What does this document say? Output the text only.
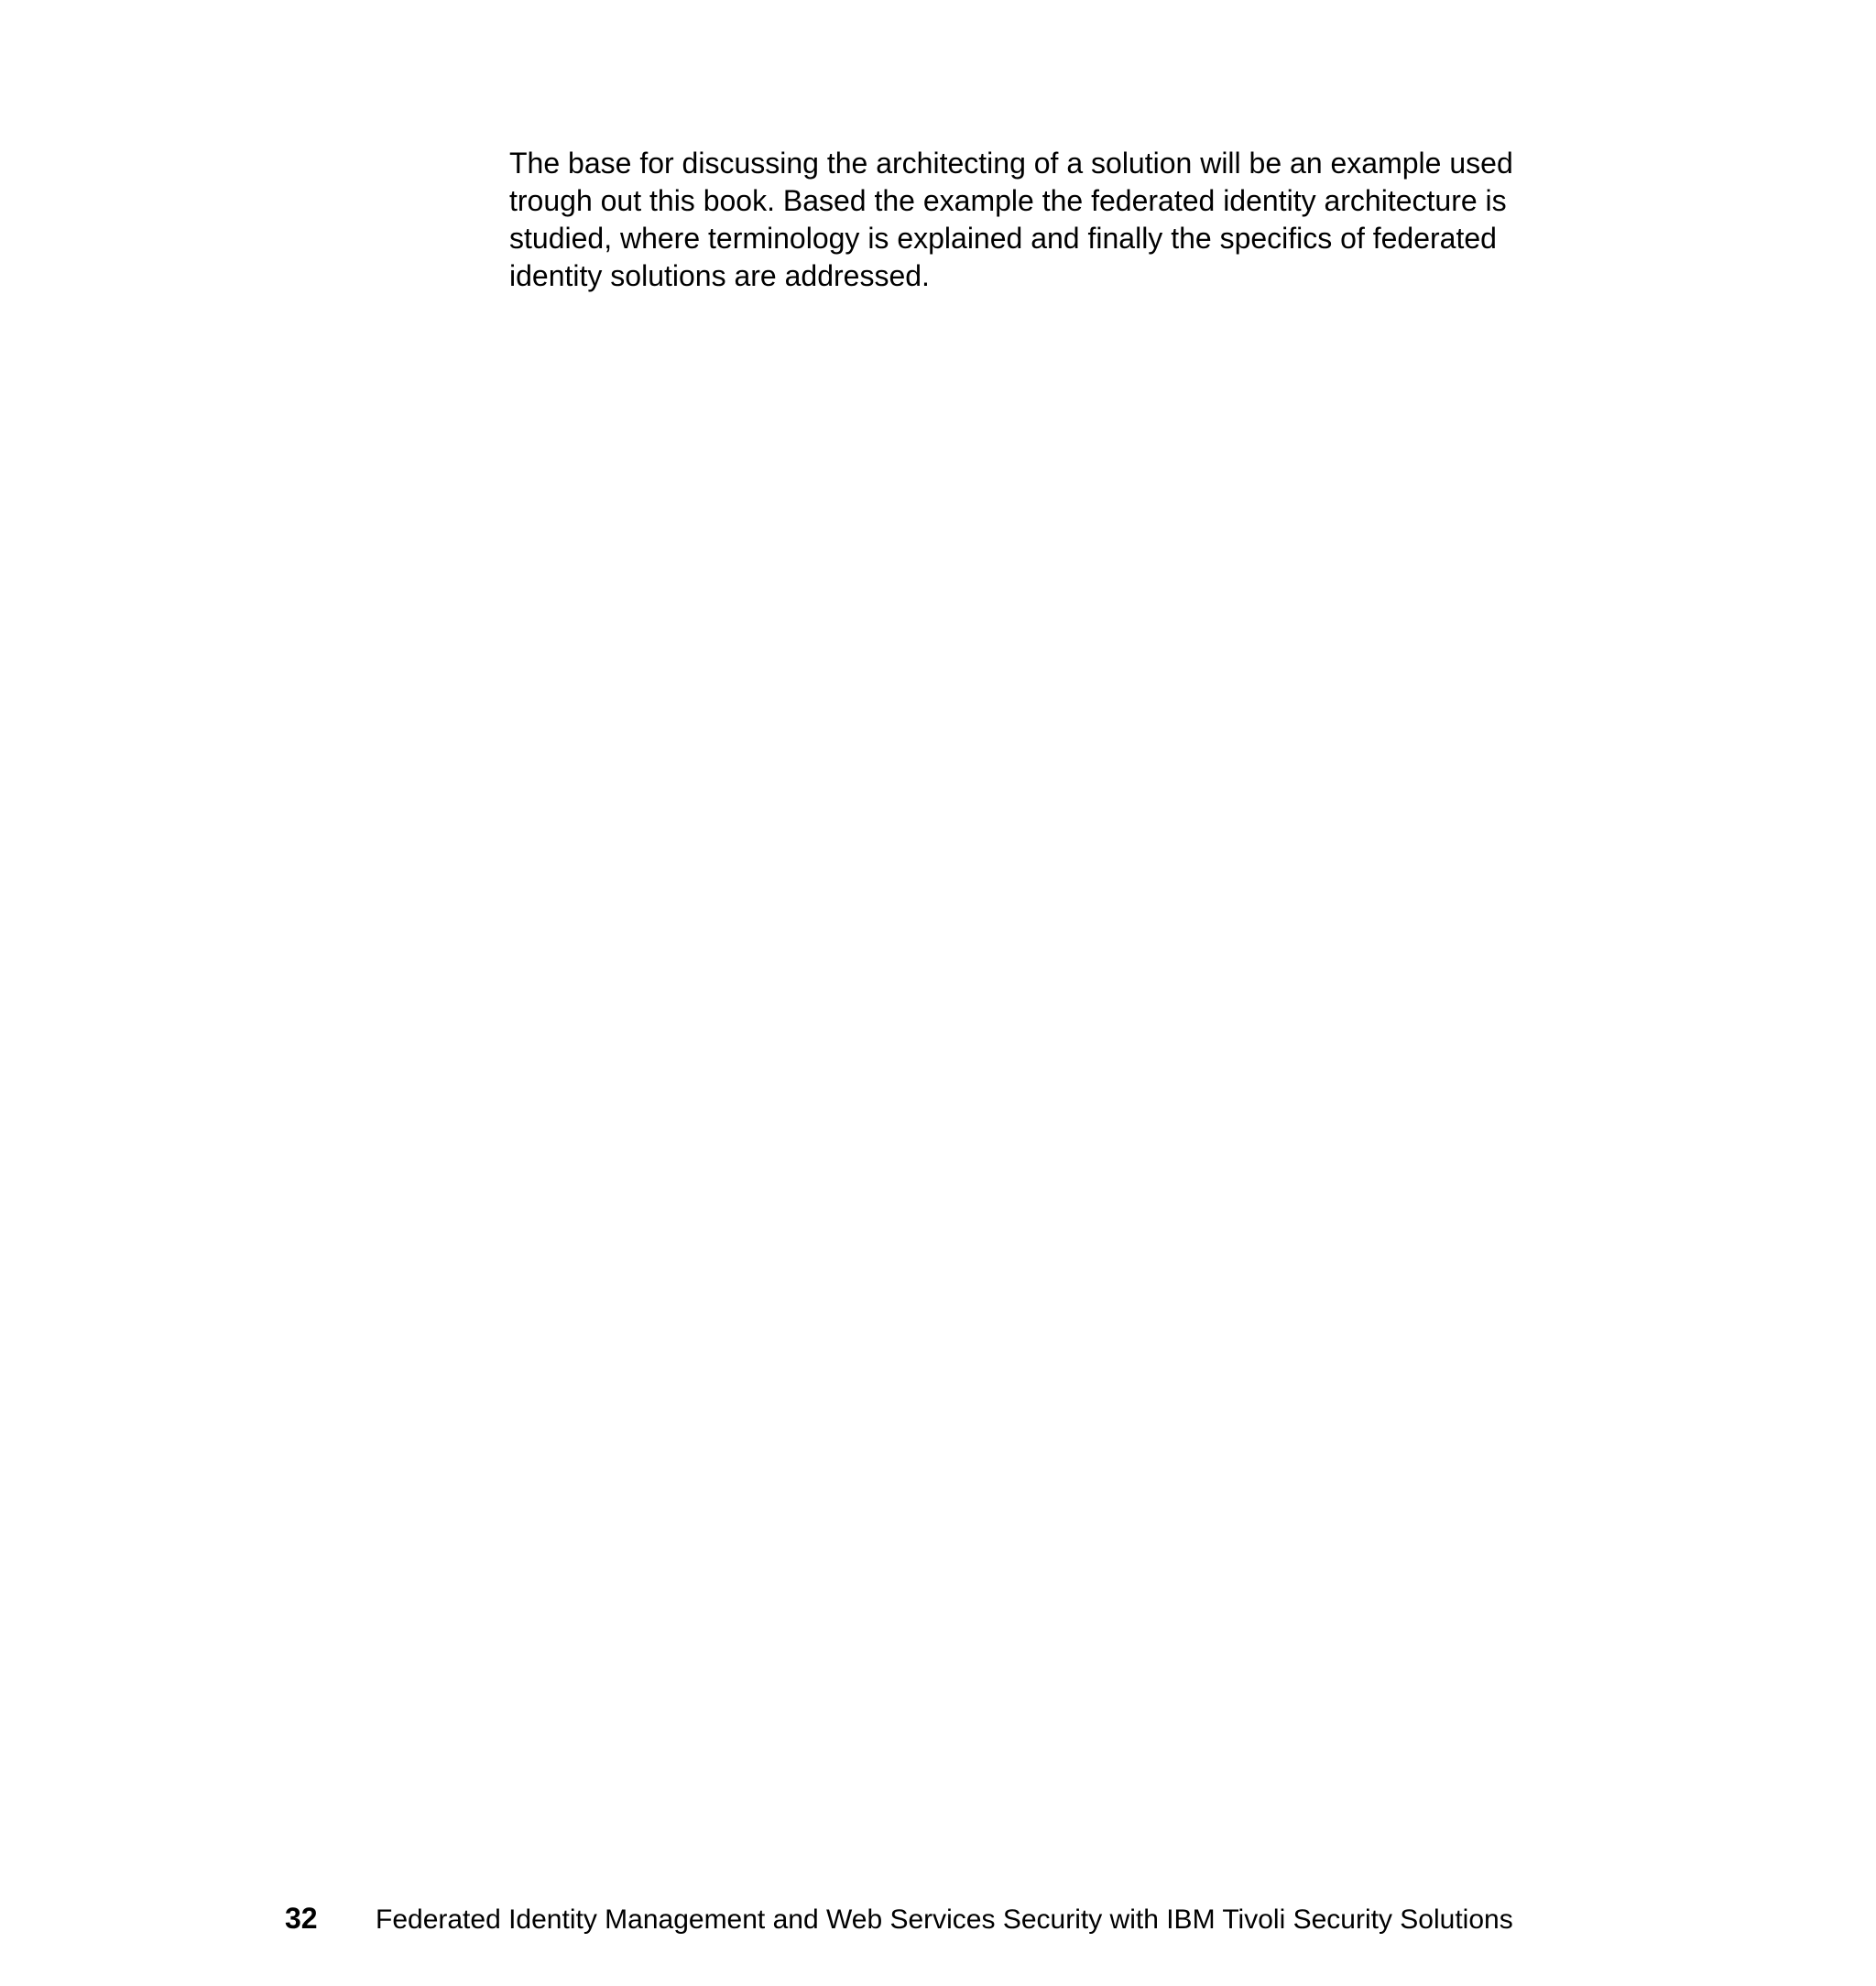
The base for discussing the architecting of a solution will be an example used
trough out this book. Based the example the federated identity architecture is
studied, where terminology is explained and finally the specifics of federated
identity solutions are addressed.

32	Federated Identity Management and Web Services Security with IBM Tivoli Security Solutions
